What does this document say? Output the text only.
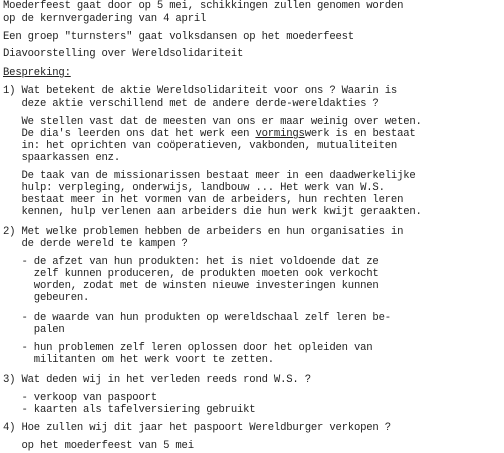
Moederfeest gaat door op 5 mei, schikkingen zullen genomen worden
op de kernvergadering van 4 april
Een groep "turnsters" gaat volksdansen op het moederfeest
Diavoorstelling over Wereldsolidariteit
Bespreking:
1) Wat betekent de aktie Wereldsolidariteit voor ons ? Waarin is
deze aktie verschillend met de andere derde-wereldakties ?
We stellen vast dat de meesten van ons er maar weinig over weten.
De dia's leerden ons dat het werk een vormingswerk is en bestaat
in: het oprichten van coöperatieven, vakbonden, mutualiteiten
spaarkassen enz.
De taak van de missionarissen bestaat meer in een daadwerkelijke
hulp: verpleging, onderwijs, landbouw ... Het werk van W.S.
bestaat meer in het vormen van de arbeiders, hun rechten leren
kennen, hulp verlenen aan arbeiders die hun werk kwijt geraakten.
2) Met welke problemen hebben de arbeiders en hun organisaties in
de derde wereld te kampen ?
- de afzet van hun produkten: het is niet voldoende dat ze
zelf kunnen produceren, de produkten moeten ook verkocht
worden, zodat met de winsten nieuwe investeringen kunnen
gebeuren.
- de waarde van hun produkten op wereldschaal zelf leren be-
palen
- hun problemen zelf leren oplossen door het opleiden van
militanten om het werk voort te zetten.
3) Wat deden wij in het verleden reeds rond W.S. ?
- verkoop van paspoort
- kaarten als tafelversiering gebruikt
4) Hoe zullen wij dit jaar het paspoort Wereldburger verkopen ?
op het moederfeest van 5 mei
